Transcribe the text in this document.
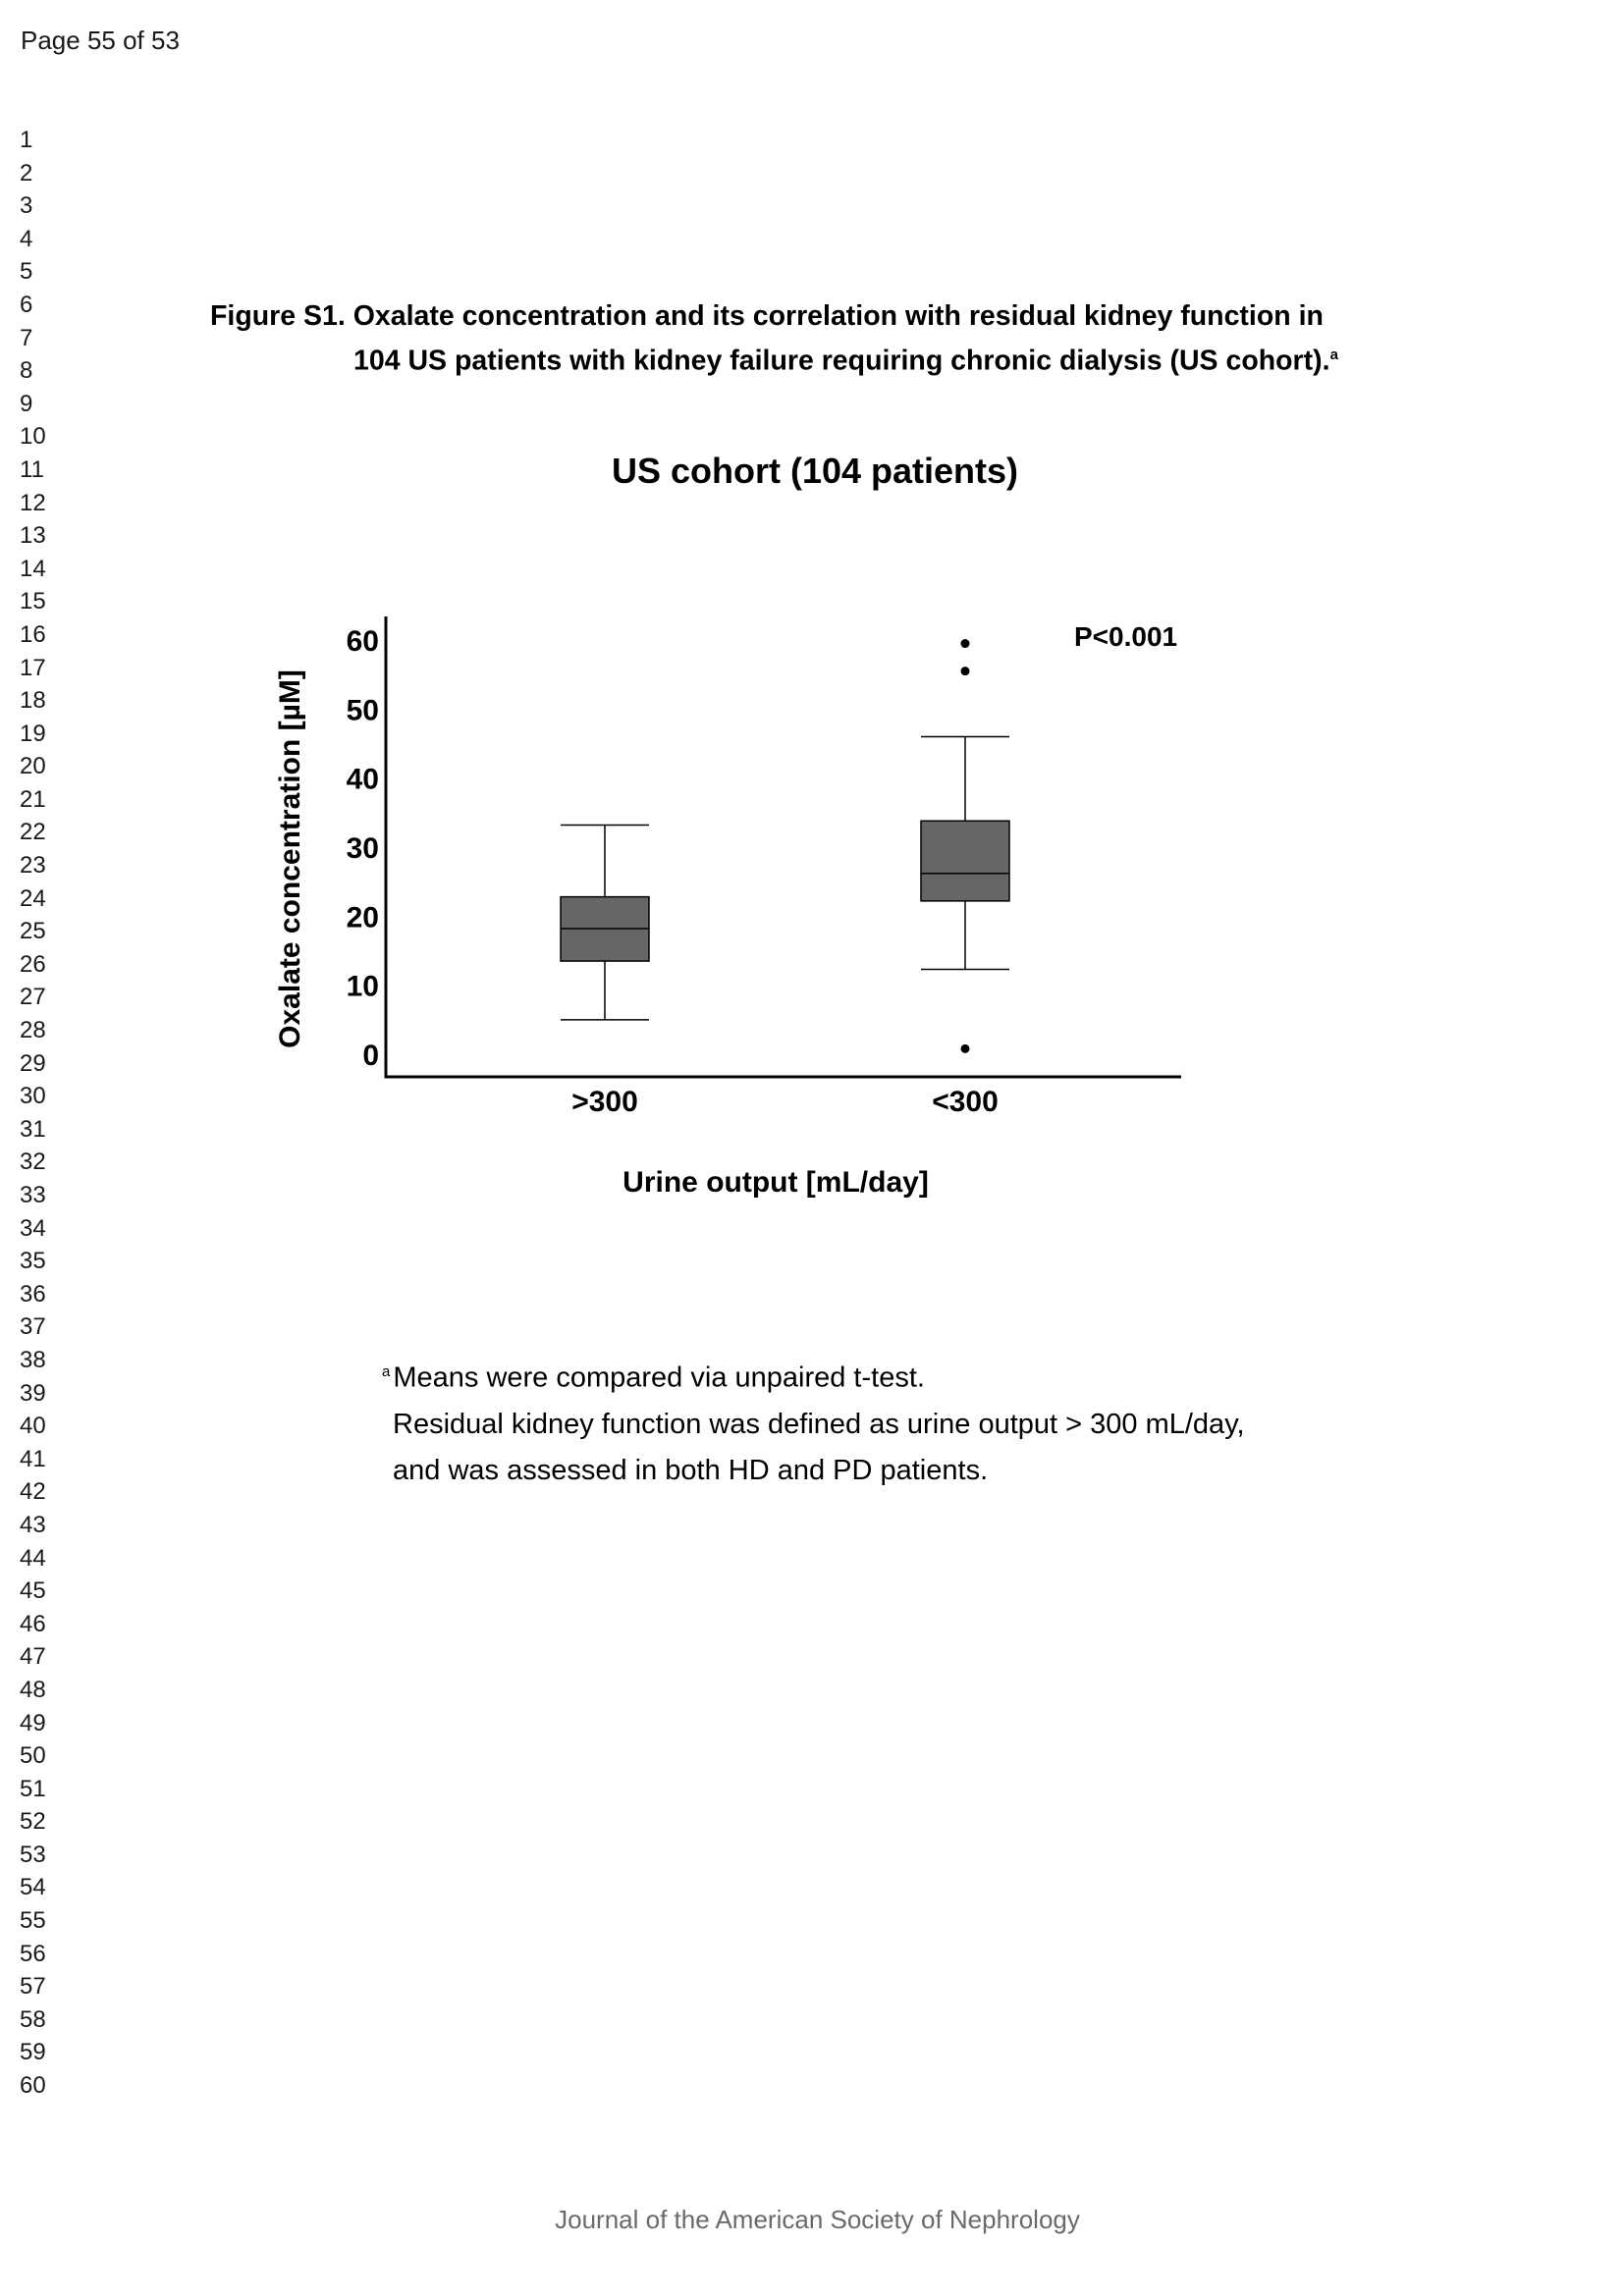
Page 55 of 53
1
2
3
4
5
6
7
8
9
10
11
12
13
14
15
16
17
18
19
20
21
22
23
24
25
26
27
28
29
30
31
32
33
34
35
36
37
38
39
40
41
42
43
44
45
46
47
48
49
50
51
52
53
54
55
56
57
58
59
60
Figure S1. Oxalate concentration and its correlation with residual kidney function in
104 US patients with kidney failure requiring chronic dialysis (US cohort).$^a$
US cohort (104 patients)
Oxalate concentration [µM]
Urine output [mL/day]
0
10
20
30
40
50
60
>300	<300
P<0.001
$^a$ Means were compared via unpaired t-test.
Residual kidney function was defined as urine output > 300 mL/day,
and was assessed in both HD and PD patients.
Journal of the American Society of Nephrology
